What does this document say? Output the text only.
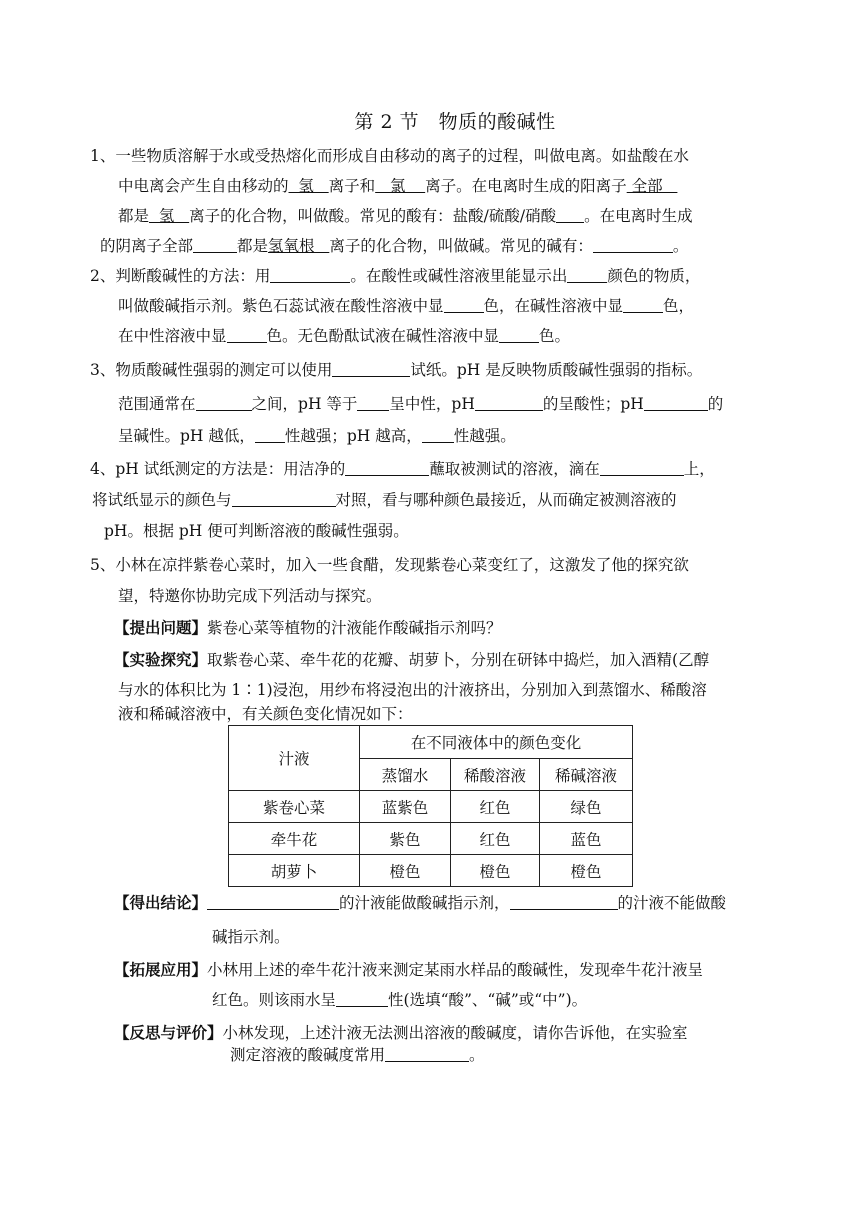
第 2 节　物质的酸碱性
1、一些物质溶解于水或受热熔化而形成自由移动的离子的过程，叫做电离。如盐酸在水
中电离会产生自由移动的  氢   离子和   氯    离子。在电离时生成的阳离子 全部
都是  氢   离子的化合物，叫做酸。常见的酸有：盐酸/硫酸/硝酸 。在电离时生成
的阴离子全部	都是氢氧根   离子的化合物，叫做碱。常见的碱有：	。
2、判断酸碱性的方法：用	。在酸性或碱性溶液里能显示出	颜色的物质，
叫做酸碱指示剂。紫色石蕊试液在酸性溶液中显	色，在碱性溶液中显	色，
在中性溶液中显	色。无色酚酞试液在碱性溶液中显	色。
3、物质酸碱性强弱的测定可以使用	试纸。pH 是反映物质酸碱性强弱的指标。
范围通常在	之间，pH 等于 呈中性，pH	的呈酸性；pH	的
呈碱性。pH 越低， 性越强；pH 越高， 性越强。
4、pH 试纸测定的方法是：用洁净的	蘸取被测试的溶液，滴在	上，
将试纸显示的颜色与	对照，看与哪种颜色最接近，从而确定被测溶液的
pH。根据 pH 便可判断溶液的酸碱性强弱。
5、小林在凉拌紫卷心菜时，加入一些食醋，发现紫卷心菜变红了，这激发了他的探究欲
望，特邀你协助完成下列活动与探究。
【提出问题】紫卷心菜等植物的汁液能作酸碱指示剂吗？
【实验探究】取紫卷心菜、牵牛花的花瓣、胡萝卜，分别在研钵中捣烂，加入酒精(乙醇
与水的体积比为 1∶1)浸泡，用纱布将浸泡出的汁液挤出，分别加入到蒸馏水、稀酸溶
液和稀碱溶液中，有关颜色变化情况如下：
汁液	在不同液体中的颜色变化		
	蒸馏水	稀酸溶液	稀碱溶液
紫卷心菜	蓝紫色	红色	绿色
牵牛花	紫色	红色	蓝色
胡萝卜	橙色	橙色	橙色
【得出结论】	的汁液能做酸碱指示剂，	的汁液不能做酸
碱指示剂。
【拓展应用】小林用上述的牵牛花汁液来测定某雨水样品的酸碱性，发现牵牛花汁液呈
红色。则该雨水呈	性(选填“酸”、“碱”或“中”)。
【反思与评价】小林发现，上述汁液无法测出溶液的酸碱度，请你告诉他，在实验室
测定溶液的酸碱度常用	。
